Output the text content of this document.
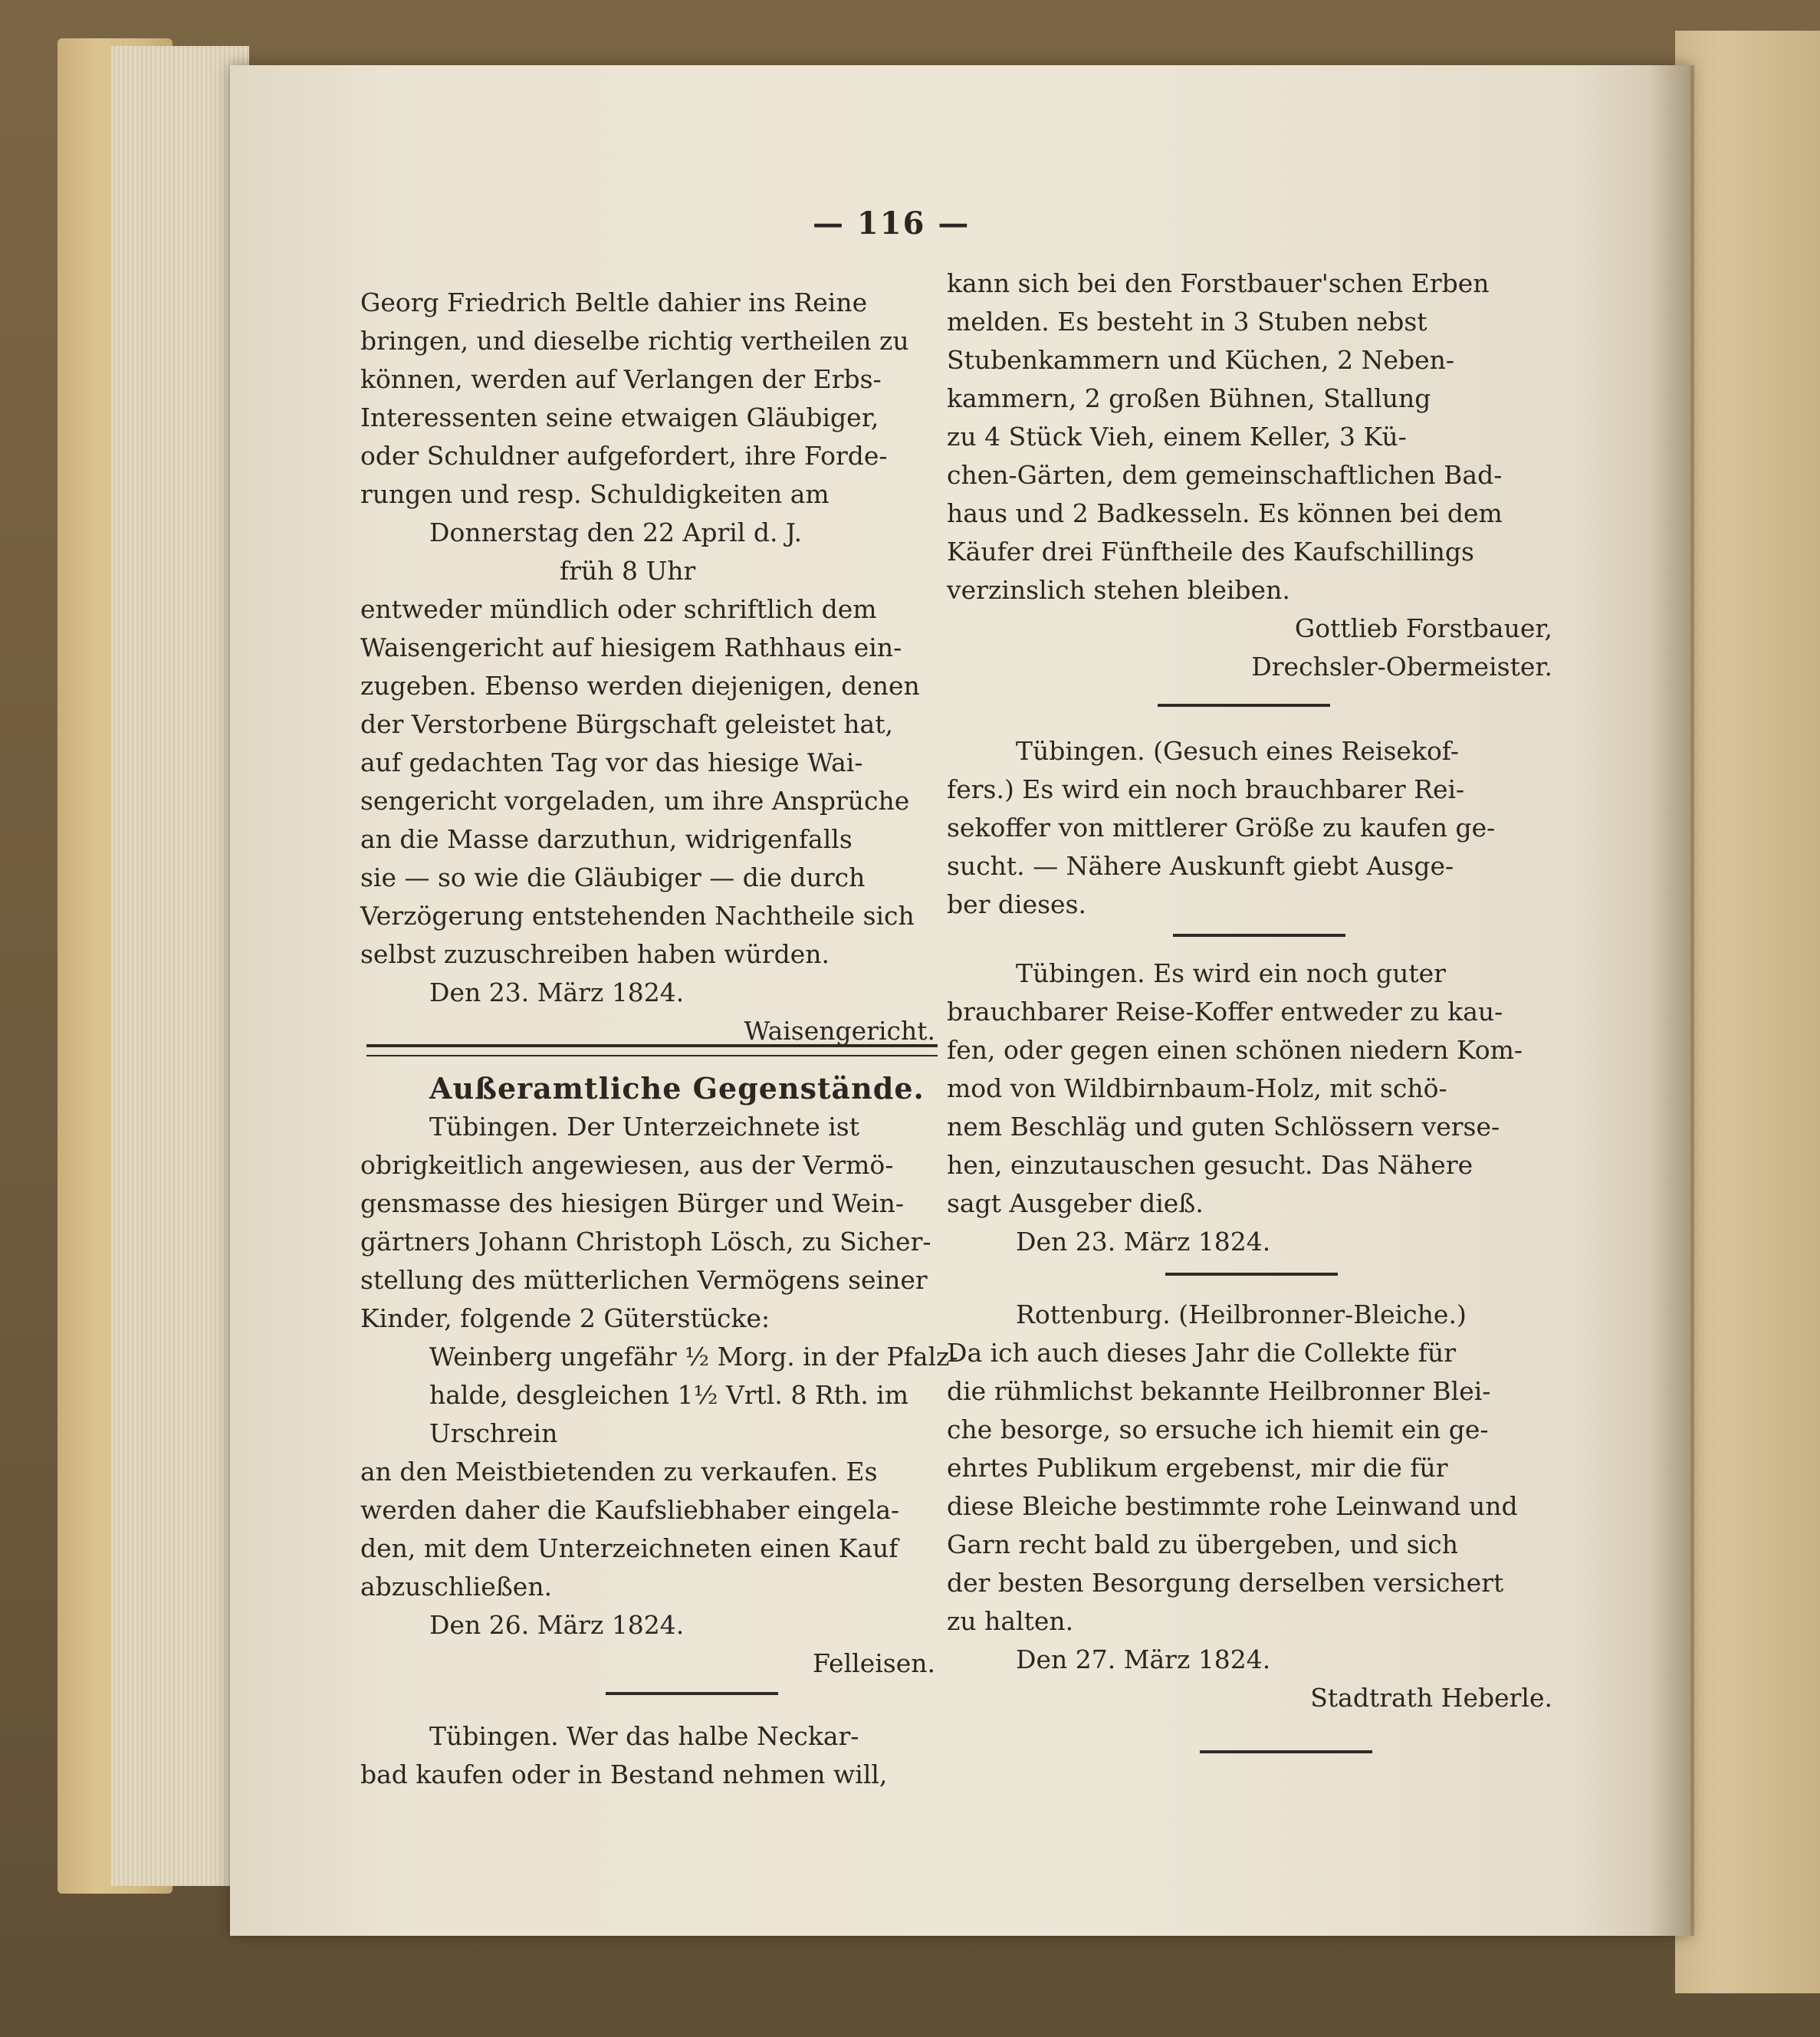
— 116 —
Georg Friedrich Beltle dahier ins Reine
bringen, und dieselbe richtig vertheilen zu
können, werden auf Verlangen der Erbs-
Interessenten seine etwaigen Gläubiger,
oder Schuldner aufgefordert, ihre Forde-
rungen und resp. Schuldigkeiten am
Donnerstag den 22 April d. J.
früh 8 Uhr
entweder mündlich oder schriftlich dem
Waisengericht auf hiesigem Rathhaus ein-
zugeben. Ebenso werden diejenigen, denen
der Verstorbene Bürgschaft geleistet hat,
auf gedachten Tag vor das hiesige Wai-
sengericht vorgeladen, um ihre Ansprüche
an die Masse darzuthun, widrigenfalls
sie — so wie die Gläubiger — die durch
Verzögerung entstehenden Nachtheile sich
selbst zuzuschreiben haben würden.
Den 23. März 1824.
Waisengericht.
Außeramtliche Gegenstände.
Tübingen. Der Unterzeichnete ist
obrigkeitlich angewiesen, aus der Vermö-
gensmasse des hiesigen Bürger und Wein-
gärtners Johann Christoph Lösch, zu Sicher-
stellung des mütterlichen Vermögens seiner
Kinder, folgende 2 Güterstücke:
Weinberg ungefähr ½ Morg. in der Pfalz-
halde, desgleichen 1½ Vrtl. 8 Rth. im
Urschrein
an den Meistbietenden zu verkaufen. Es
werden daher die Kaufsliebhaber eingela-
den, mit dem Unterzeichneten einen Kauf
abzuschließen.
Den 26. März 1824.
Felleisen.
Tübingen. Wer das halbe Neckar-
bad kaufen oder in Bestand nehmen will,
kann sich bei den Forstbauer'schen Erben
melden. Es besteht in 3 Stuben nebst
Stubenkammern und Küchen, 2 Neben-
kammern, 2 großen Bühnen, Stallung
zu 4 Stück Vieh, einem Keller, 3 Kü-
chen-Gärten, dem gemeinschaftlichen Bad-
haus und 2 Badkesseln. Es können bei dem
Käufer drei Fünftheile des Kaufschillings
verzinslich stehen bleiben.
Gottlieb Forstbauer,
Drechsler-Obermeister.
Tübingen. (Gesuch eines Reisekof-
fers.) Es wird ein noch brauchbarer Rei-
sekoffer von mittlerer Größe zu kaufen ge-
sucht. — Nähere Auskunft giebt Ausge-
ber dieses.
Tübingen. Es wird ein noch guter
brauchbarer Reise-Koffer entweder zu kau-
fen, oder gegen einen schönen niedern Kom-
mod von Wildbirnbaum-Holz, mit schö-
nem Beschläg und guten Schlössern verse-
hen, einzutauschen gesucht. Das Nähere
sagt Ausgeber dieß.
Den 23. März 1824.
Rottenburg. (Heilbronner-Bleiche.)
Da ich auch dieses Jahr die Collekte für
die rühmlichst bekannte Heilbronner Blei-
che besorge, so ersuche ich hiemit ein ge-
ehrtes Publikum ergebenst, mir die für
diese Bleiche bestimmte rohe Leinwand und
Garn recht bald zu übergeben, und sich
der besten Besorgung derselben versichert
zu halten.
Den 27. März 1824.
Stadtrath Heberle.
